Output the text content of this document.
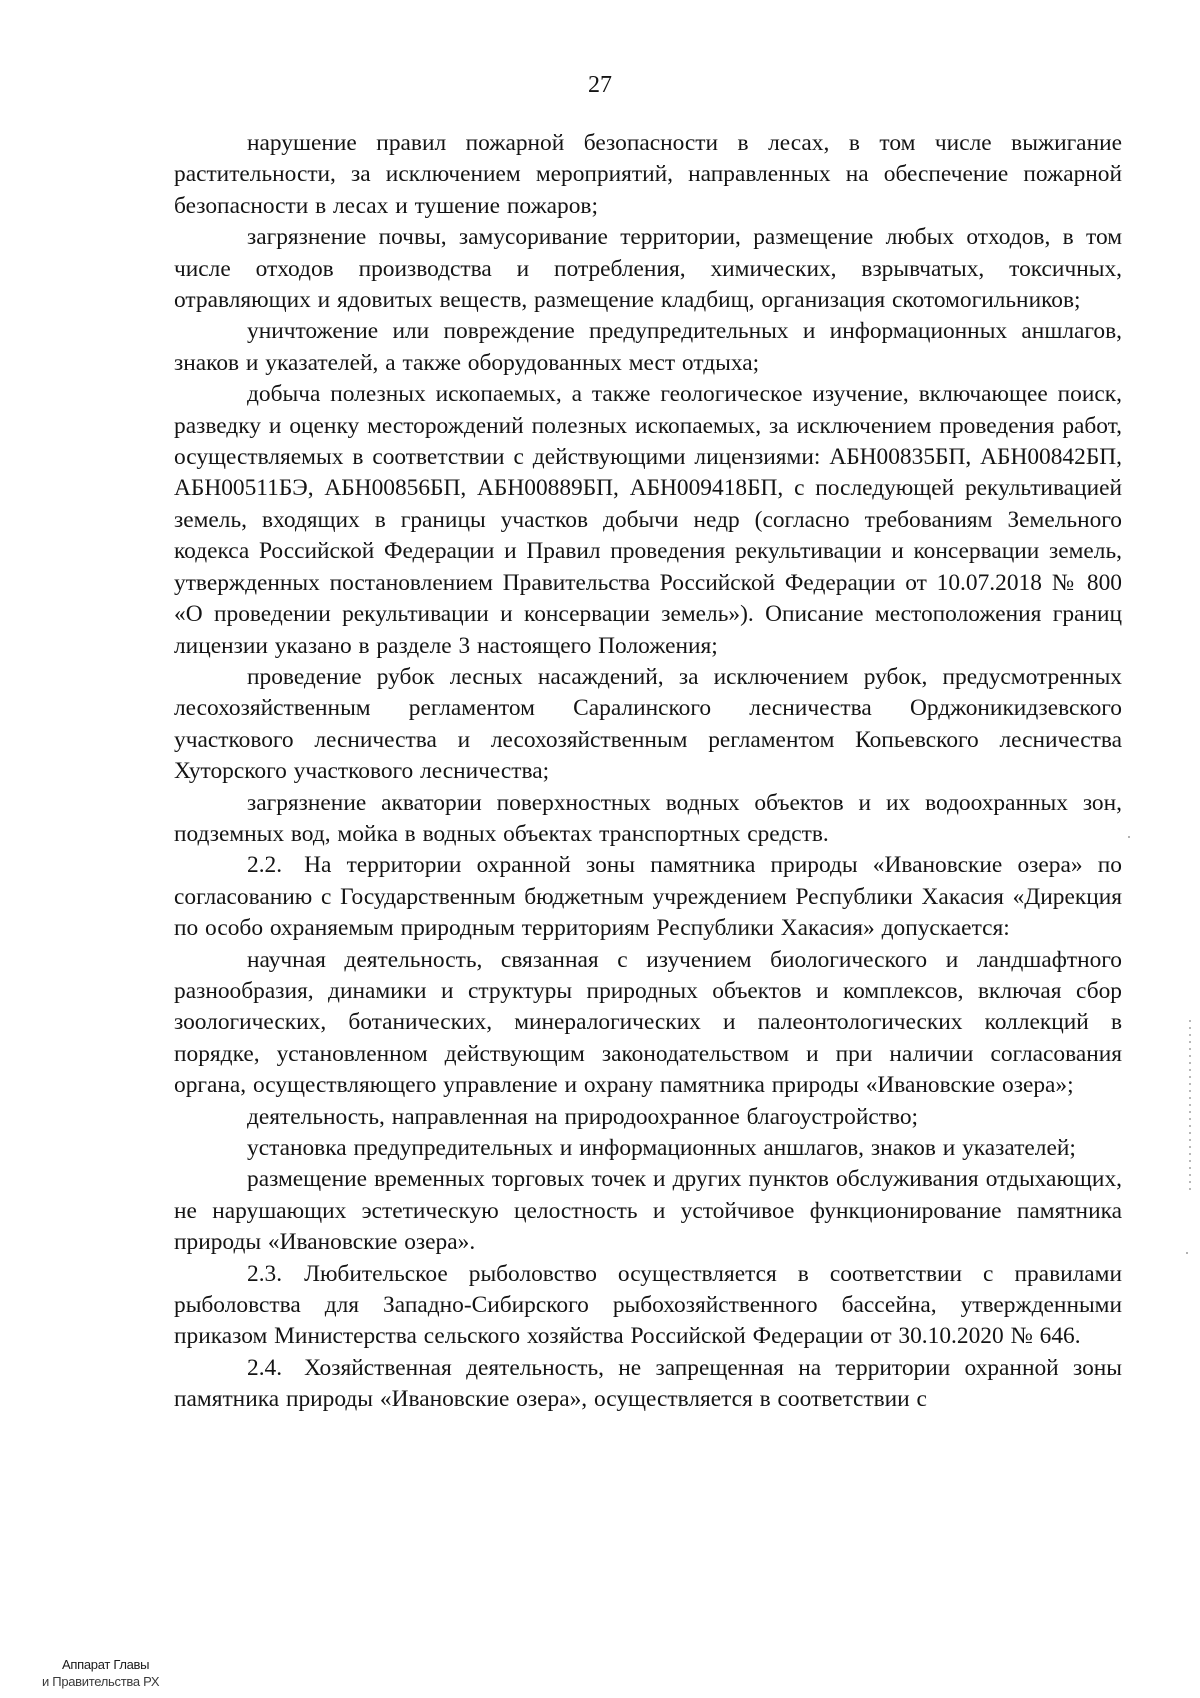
27

нарушение правил пожарной безопасности в лесах, в том числе выжигание растительности, за исключением мероприятий, направленных на обеспечение пожарной безопасности в лесах и тушение пожаров;

загрязнение почвы, замусоривание территории, размещение любых отходов, в том числе отходов производства и потребления, химических, взрывчатых, токсичных, отравляющих и ядовитых веществ, размещение кладбищ, организация скотомогильников;

уничтожение или повреждение предупредительных и информационных аншлагов, знаков и указателей, а также оборудованных мест отдыха;

добыча полезных ископаемых, а также геологическое изучение, включающее поиск, разведку и оценку месторождений полезных ископаемых, за исключением проведения работ, осуществляемых в соответствии с действующими лицензиями: АБН00835БП, АБН00842БП, АБН00511БЭ, АБН00856БП, АБН00889БП, АБН009418БП, с последующей рекультивацией земель, входящих в границы участков добычи недр (согласно требованиям Земельного кодекса Российской Федерации и Правил проведения рекультивации и консервации земель, утвержденных постановлением Правительства Российской Федерации от 10.07.2018 № 800 «О проведении рекультивации и консервации земель»). Описание местоположения границ лицензии указано в разделе 3 настоящего Положения;

проведение рубок лесных насаждений, за исключением рубок, предусмотренных лесохозяйственным регламентом Саралинского лесничества Орджоникидзевского участкового лесничества и лесохозяйственным регламентом Копьевского лесничества Хуторского участкового лесничества;

загрязнение акватории поверхностных водных объектов и их водоохранных зон, подземных вод, мойка в водных объектах транспортных средств.

2.2. На территории охранной зоны памятника природы «Ивановские озера» по согласованию с Государственным бюджетным учреждением Республики Хакасия «Дирекция по особо охраняемым природным территориям Республики Хакасия» допускается:

научная деятельность, связанная с изучением биологического и ландшафтного разнообразия, динамики и структуры природных объектов и комплексов, включая сбор зоологических, ботанических, минералогических и палеонтологических коллекций в порядке, установленном действующим законодательством и при наличии согласования органа, осуществляющего управление и охрану памятника природы «Ивановские озера»;

деятельность, направленная на природоохранное благоустройство;

установка предупредительных и информационных аншлагов, знаков и указателей;

размещение временных торговых точек и других пунктов обслуживания отдыхающих, не нарушающих эстетическую целостность и устойчивое функционирование памятника природы «Ивановские озера».

2.3. Любительское рыболовство осуществляется в соответствии с правилами рыболовства для Западно-Сибирского рыбохозяйственного бассейна, утвержденными приказом Министерства сельского хозяйства Российской Федерации от 30.10.2020 № 646.

2.4. Хозяйственная деятельность, не запрещенная на территории охранной зоны памятника природы «Ивановские озера», осуществляется в соответствии с

Аппарат Главы
и Правительства РХ
